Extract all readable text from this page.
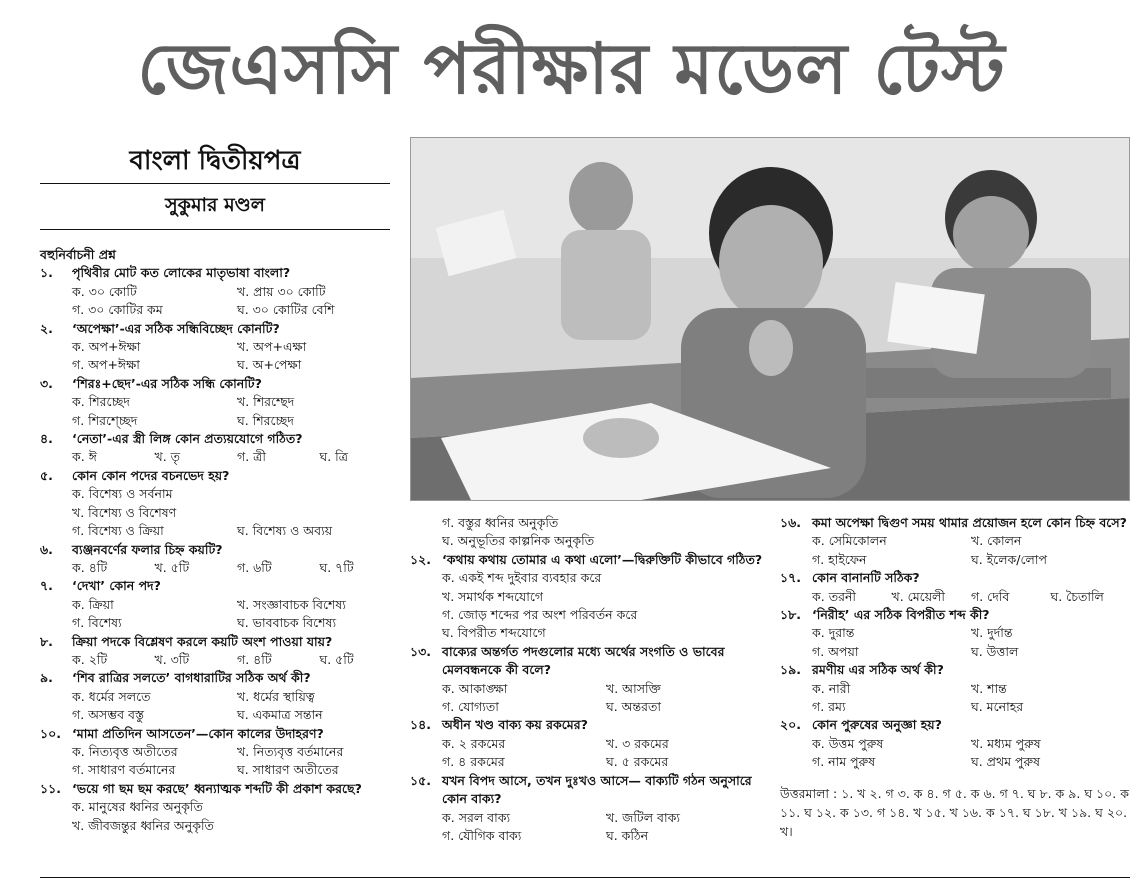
জেএসসি পরীক্ষার মডেল টেস্ট
বাংলা দ্বিতীয়পত্র
সুকুমার মণ্ডল
বহুনির্বাচনী প্রশ্ন
১.	পৃথিবীর মোট কত লোকের মাতৃভাষা বাংলা?
ক. ৩০ কোটি	খ. প্রায় ৩০ কোটি
গ. ৩০ কোটির কম	ঘ. ৩০ কোটির বেশি
২.	‘অপেক্ষা’-এর সঠিক সন্ধিবিচ্ছেদ কোনটি?
ক. অপ+ঈক্ষা	খ. অপ+এক্ষা
গ. অপ+ঈক্ষা	ঘ. অ+পেক্ষা
৩.	‘শিরঃ+ছেদ’-এর সঠিক সন্ধি কোনটি?
ক. শিরচ্ছেদ	খ. শিরশ্ছেদ
গ. শিরশ্চ্ছেদ	ঘ. শিরচ্ছেদ
৪.	‘নেতা’-এর স্ত্রী লিঙ্গ কোন প্রত্যয়যোগে গঠিত?
ক. ঈ	খ. তৃ	গ. ত্রী	ঘ. ত্রি
৫.	কোন কোন পদের বচনভেদ হয়?
ক. বিশেষ্য ও সর্বনাম
খ. বিশেষ্য ও বিশেষণ
গ. বিশেষ্য ও ক্রিয়া	ঘ. বিশেষ্য ও অব্যয়
৬.	ব্যঞ্জনবর্ণের ফলার চিহ্ন কয়টি?
ক. ৪টি	খ. ৫টি	গ. ৬টি	ঘ. ৭টি
৭.	‘দেখা’ কোন পদ?
ক. ক্রিয়া	খ. সংজ্ঞাবাচক বিশেষ্য
গ. বিশেষ্য	ঘ. ভাববাচক বিশেষ্য
৮.	ক্রিয়া পদকে বিশ্লেষণ করলে কয়টি অংশ পাওয়া যায়?
ক. ২টি	খ. ৩টি	গ. ৪টি	ঘ. ৫টি
৯.	‘শিব রাত্রির সলতে’ বাগধারাটির সঠিক অর্থ কী?
ক. ধর্মের সলতে	খ. ধর্মের স্থায়িত্ব
গ. অসম্ভব বস্তু	ঘ. একমাত্র সন্তান
১০. ‘মামা প্রতিদিন আসতেন’—কোন কালের উদাহরণ?
ক. নিত্যবৃত্ত অতীতের	খ. নিত্যবৃত্ত বর্তমানের
গ. সাধারণ বর্তমানের	ঘ. সাধারণ অতীতের
১১. ‘ভয়ে গা ছম ছম করছে’ ধ্বন্যাত্মক শব্দটি কী প্রকাশ করছে?
ক. মানুষের ধ্বনির অনুকৃতি
খ. জীবজন্তুর ধ্বনির অনুকৃতি
গ. বস্তুর ধ্বনির অনুকৃতি
ঘ. অনুভূতির কাল্পনিক অনুকৃতি
১২. ‘কথায় কথায় তোমার এ কথা এলো’—দ্বিরুক্তিটি কীভাবে গঠিত?
ক. একই শব্দ দুইবার ব্যবহার করে
খ. সমার্থক শব্দযোগে
গ. জোড় শব্দের পর অংশ পরিবর্তন করে
ঘ. বিপরীত শব্দযোগে
১৩. বাক্যের অন্তর্গত পদগুলোর মধ্যে অর্থের সংগতি ও ভাবের মেলবন্ধনকে কী বলে?
ক. আকাঙ্ক্ষা	খ. আসক্তি
গ. যোগ্যতা	ঘ. অন্তরতা
১৪. অধীন খণ্ড বাক্য কয় রকমের?
ক. ২ রকমের	খ. ৩ রকমের
গ. ৪ রকমের	ঘ. ৫ রকমের
১৫. যখন বিপদ আসে, তখন দুঃখও আসে— বাক্যটি গঠন অনুসারে কোন বাক্য?
ক. সরল বাক্য	খ. জটিল বাক্য
গ. যৌগিক বাক্য	ঘ. কঠিন
১৬. কমা অপেক্ষা দ্বিগুণ সময় থামার প্রয়োজন হলে কোন চিহ্ন বসে?
ক. সেমিকোলন	খ. কোলন
গ. হাইফেন	ঘ. ইলেক/লোপ
১৭. কোন বানানটি সঠিক?
ক. তরনী	খ. মেয়েলী	গ. দেবি	ঘ. চৈতালি
১৮. ‘নিরীহ’ এর সঠিক বিপরীত শব্দ কী?
ক. দুরান্ত	খ. দুর্দান্ত
গ. অপয়া	ঘ. উত্তাল
১৯. রমণীয় এর সঠিক অর্থ কী?
ক. নারী	খ. শান্ত
গ. রম্য	ঘ. মনোহর
২০. কোন পুরুষের অনুজ্ঞা হয়?
ক. উত্তম পুরুষ	খ. মধ্যম পুরুষ
গ. নাম পুরুষ	ঘ. প্রথম পুরুষ
উত্তরমালা : ১. খ ২. গ ৩. ক ৪. গ ৫. ক ৬. গ ৭. ঘ ৮. ক ৯. ঘ ১০. ক ১১. ঘ ১২. ক ১৩. গ ১৪. খ ১৫. খ ১৬. ক ১৭. ঘ ১৮. খ ১৯. ঘ ২০. খ।
